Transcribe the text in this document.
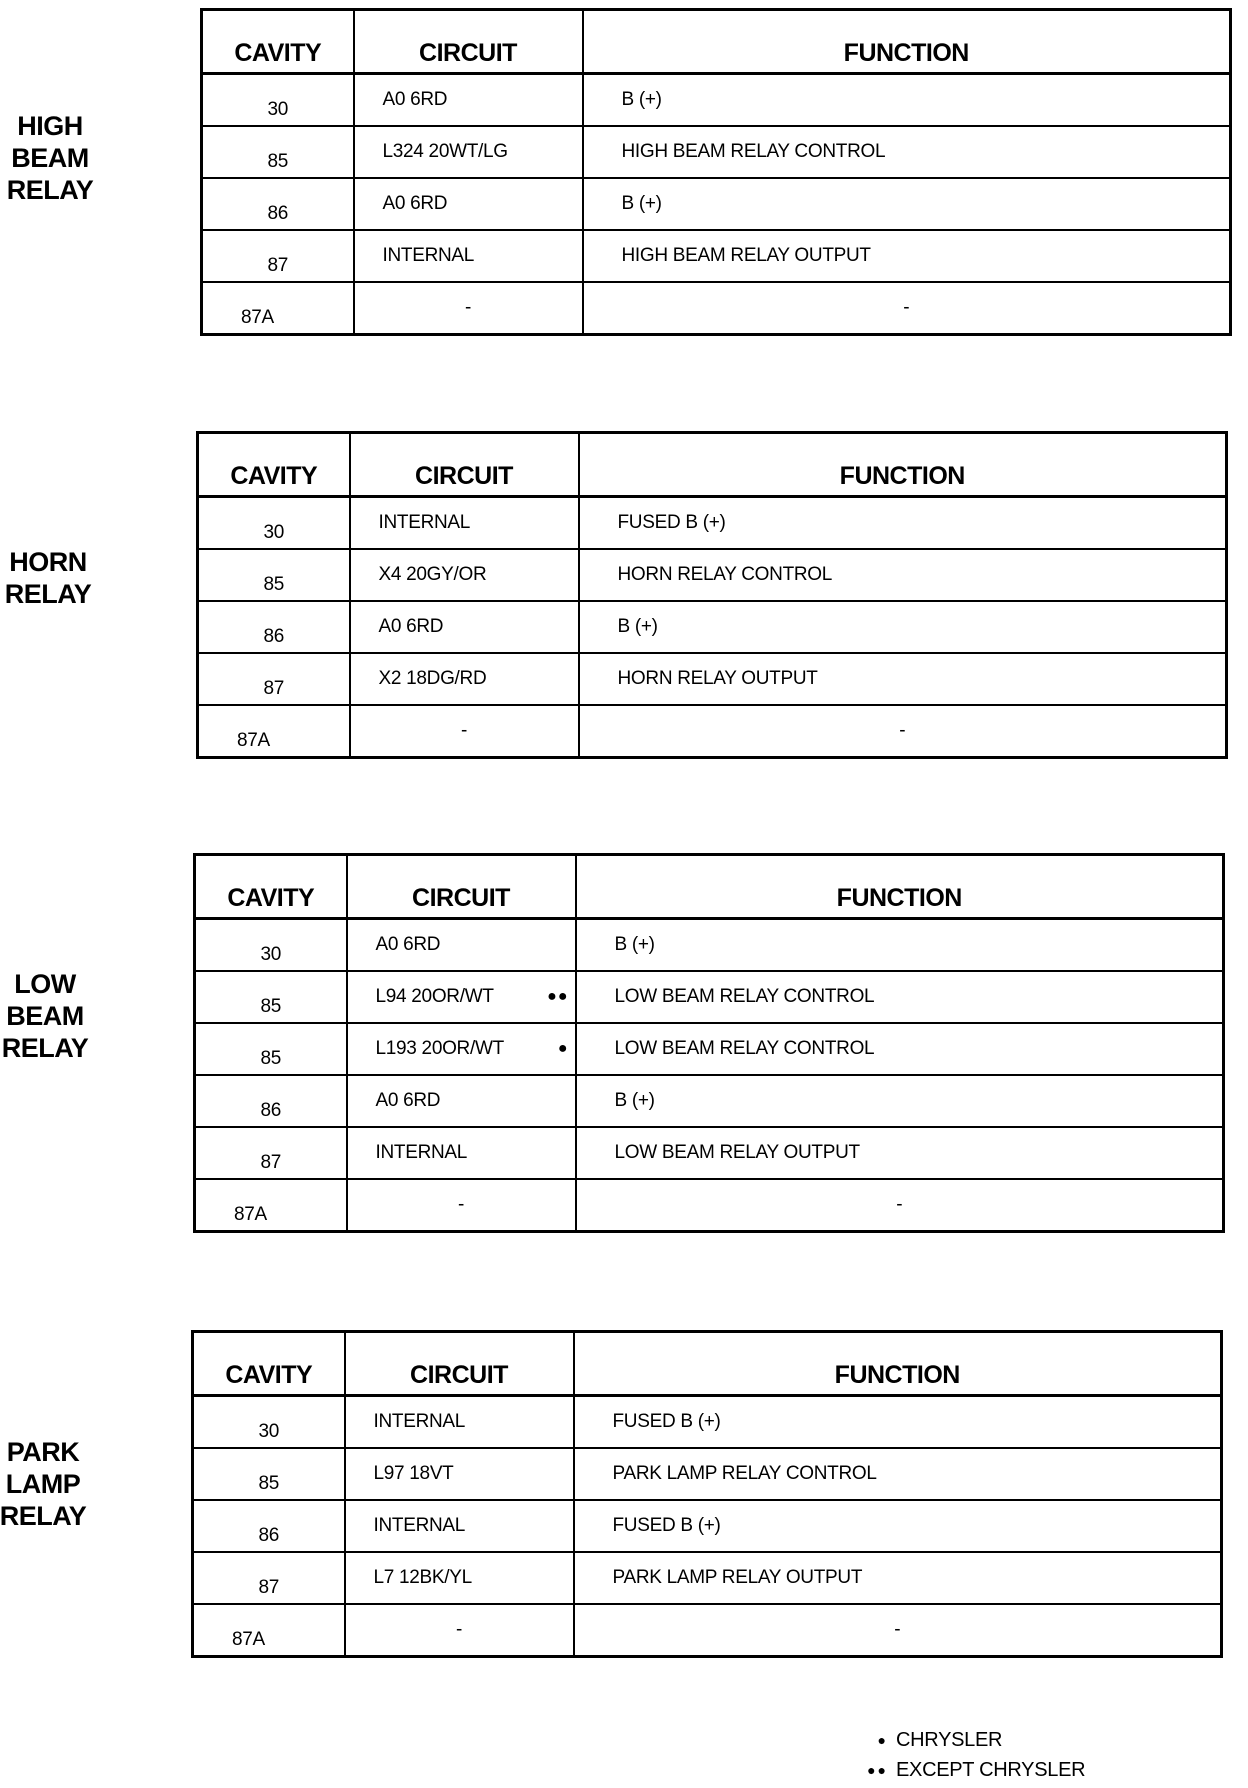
HIGH
BEAM
RELAY
CAVITY	CIRCUIT	FUNCTION
30	A0 6RD	B (+)
85	L324 20WT/LG	HIGH BEAM RELAY CONTROL
86	A0 6RD	B (+)
87	INTERNAL	HIGH BEAM RELAY OUTPUT
87A	-	-
HORN
RELAY
CAVITY	CIRCUIT	FUNCTION
30	INTERNAL	FUSED B (+)
85	X4 20GY/OR	HORN RELAY CONTROL
86	A0 6RD	B (+)
87	X2 18DG/RD	HORN RELAY OUTPUT
87A	-	-
LOW
BEAM
RELAY
CAVITY	CIRCUIT	FUNCTION
30	A0 6RD	B (+)
85	L94 20OR/WT ●●	LOW BEAM RELAY CONTROL
85	L193 20OR/WT ●	LOW BEAM RELAY CONTROL
86	A0 6RD	B (+)
87	INTERNAL	LOW BEAM RELAY OUTPUT
87A	-	-
PARK
LAMP
RELAY
CAVITY	CIRCUIT	FUNCTION
30	INTERNAL	FUSED B (+)
85	L97 18VT	PARK LAMP RELAY CONTROL
86	INTERNAL	FUSED B (+)
87	L7 12BK/YL	PARK LAMP RELAY OUTPUT
87A	-	-
● CHRYSLER
●● EXCEPT CHRYSLER
